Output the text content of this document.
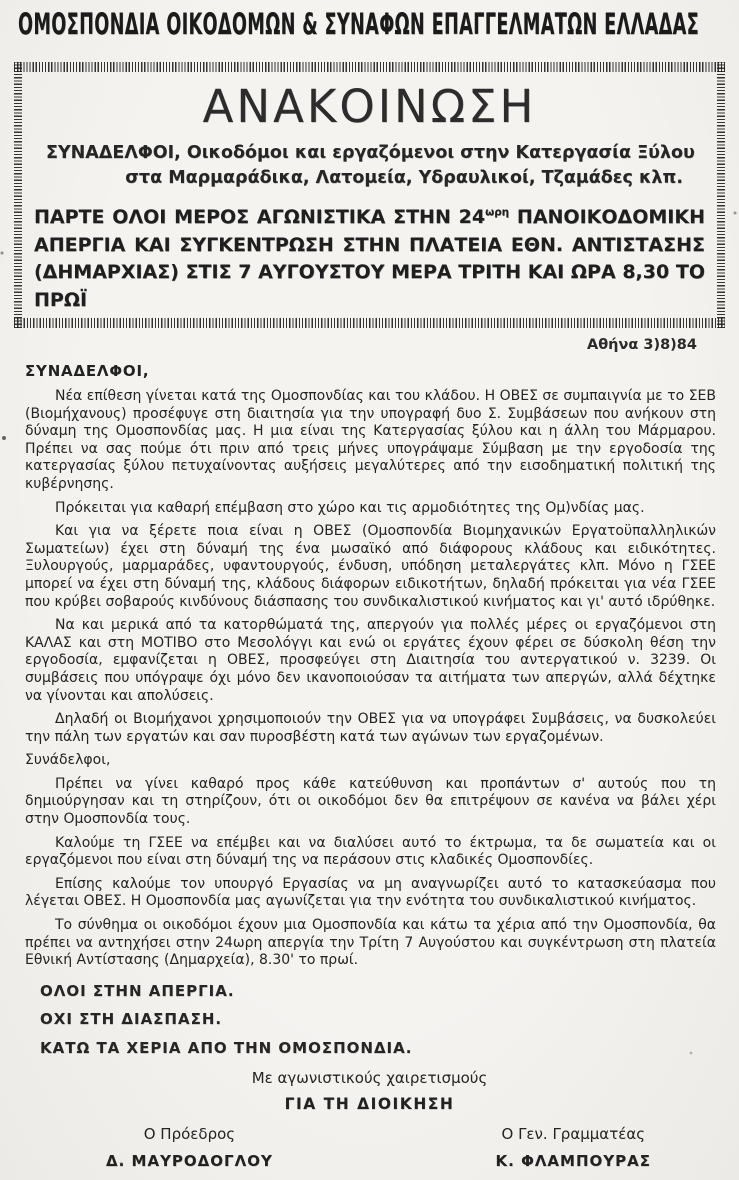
ΟΜΟΣΠΟΝΔΙΑ ΟΙΚΟΔΟΜΩΝ & ΣΥΝΑΦΩΝ ΕΠΑΓΓΕΛΜΑΤΩΝ ΕΛΛΑΔΑΣ
ΑΝΑΚΟΙΝΩΣΗ
ΣΥΝΑΔΕΛΦΟΙ, Οικοδόμοι και εργαζόμενοι στην Κατεργασία Ξύλου
στα Μαρμαράδικα, Λατομεία, Υδραυλικοί, Τζαμάδες κλπ.
ΠΑΡΤΕ ΟΛΟΙ ΜΕΡΟΣ ΑΓΩΝΙΣΤΙΚΑ ΣΤΗΝ $24^{\omega\rho\eta}$ ΠΑΝΟΙΚΟΔΟΜΙΚΗ ΑΠΕΡΓΙΑ ΚΑΙ ΣΥΓΚΕΝΤΡΩΣΗ ΣΤΗΝ ΠΛΑΤΕΙΑ ΕΘΝ. ΑΝΤΙΣΤΑΣΗΣ (ΔΗΜΑΡΧΙΑΣ) ΣΤΙΣ 7 ΑΥΓΟΥΣΤΟΥ ΜΕΡΑ ΤΡΙΤΗ ΚΑΙ ΩΡΑ 8,30 ΤΟ ΠΡΩΪ
Αθήνα 3)8)84
ΣΥΝΑΔΕΛΦΟΙ,

Νέα επίθεση γίνεται κατά της Ομοσπονδίας και του κλάδου. Η ΟΒΕΣ σε συμπαιγνία με το ΣΕΒ (Βιομήχανους) προσέφυγε στη διαιτησία για την υπογραφή δυο Σ. Συμβάσεων που ανήκουν στη δύναμη της Ομοσπονδίας μας. Η μια είναι της Κατεργασίας ξύλου και η άλλη του Μάρμαρου. Πρέπει να σας πούμε ότι πριν από τρεις μήνες υπογράψαμε Σύμβαση με την εργοδοσία της κατεργασίας ξύλου πετυχαίνοντας αυξήσεις μεγαλύτερες από την εισοδηματική πολιτική της κυβέρνησης.

Πρόκειται για καθαρή επέμβαση στο χώρο και τις αρμοδιότητες της Ομ)νδίας μας.

Και για να ξέρετε ποια είναι η ΟΒΕΣ (Ομοσπονδία Βιομηχανικών Εργατοϋπαλληλικών Σωματείων) έχει στη δύναμή της ένα μωσαϊκό από διάφορους κλάδους και ειδικότητες. Ξυλουργούς, μαρμαράδες, υφαντουργούς, ένδυση, υπόδηση μεταλεργάτες κλπ. Μόνο η ΓΣΕΕ μπορεί να έχει στη δύναμή της, κλάδους διάφορων ειδικοτήτων, δηλαδή πρόκειται για νέα ΓΣΕΕ που κρύβει σοβαρούς κινδύνους διάσπασης του συνδικαλιστικού κινήματος και γι' αυτό ιδρύθηκε.

Να και μερικά από τα κατορθώματά της, απεργούν για πολλές μέρες οι εργαζόμενοι στη ΚΑΛΑΣ και στη ΜΟΤΙΒΟ στο Μεσολόγγι και ενώ οι εργάτες έχουν φέρει σε δύσκολη θέση την εργοδοσία, εμφανίζεται η ΟΒΕΣ, προσφεύγει στη Διαιτησία του αντεργατικού ν. 3239. Οι συμβάσεις που υπόγραψε όχι μόνο δεν ικανοποιούσαν τα αιτήματα των απεργών, αλλά δέχτηκε να γίνονται και απολύσεις.

Δηλαδή οι Βιομήχανοι χρησιμοποιούν την ΟΒΕΣ για να υπογράφει Συμβάσεις, να δυσκολεύει την πάλη των εργατών και σαν πυροσβέστη κατά των αγώνων των εργαζομένων.

Συνάδελφοι,

Πρέπει να γίνει καθαρό προς κάθε κατεύθυνση και προπάντων σ' αυτούς που τη δημιούργησαν και τη στηρίζουν, ότι οι οικοδόμοι δεν θα επιτρέψουν σε κανένα να βάλει χέρι στην Ομοσπονδία τους.

Καλούμε τη ΓΣΕΕ να επέμβει και να διαλύσει αυτό το έκτρωμα, τα δε σωματεία και οι εργαζόμενοι που είναι στη δύναμή της να περάσουν στις κλαδικές Ομοσπονδίες.

Επίσης καλούμε τον υπουργό Εργασίας να μη αναγνωρίζει αυτό το κατασκεύασμα που λέγεται ΟΒΕΣ. Η Ομοσπονδία μας αγωνίζεται για την ενότητα του συνδικαλιστικού κινήματος.

Το σύνθημα οι οικοδόμοι έχουν μια Ομοσπονδία και κάτω τα χέρια από την Ομοσπονδία, θα πρέπει να αντηχήσει στην 24ωρη απεργία την Τρίτη 7 Αυγούστου και συγκέντρωση στη πλατεία Εθνική Αντίστασης (Δημαρχεία), 8.30' το πρωί.

ΟΛΟΙ ΣΤΗΝ ΑΠΕΡΓΙΑ.
ΟΧΙ ΣΤΗ ΔΙΑΣΠΑΣΗ.
ΚΑΤΩ ΤΑ ΧΕΡΙΑ ΑΠΟ ΤΗΝ ΟΜΟΣΠΟΝΔΙΑ.
Με αγωνιστικούς χαιρετισμούς
ΓΙΑ ΤΗ ΔΙΟΙΚΗΣΗ
Ο Πρόεδρος
Δ. ΜΑΥΡΟΔΟΓΛΟΥ
Ο Γεν. Γραμματέας
Κ. ΦΛΑΜΠΟΥΡΑΣ
